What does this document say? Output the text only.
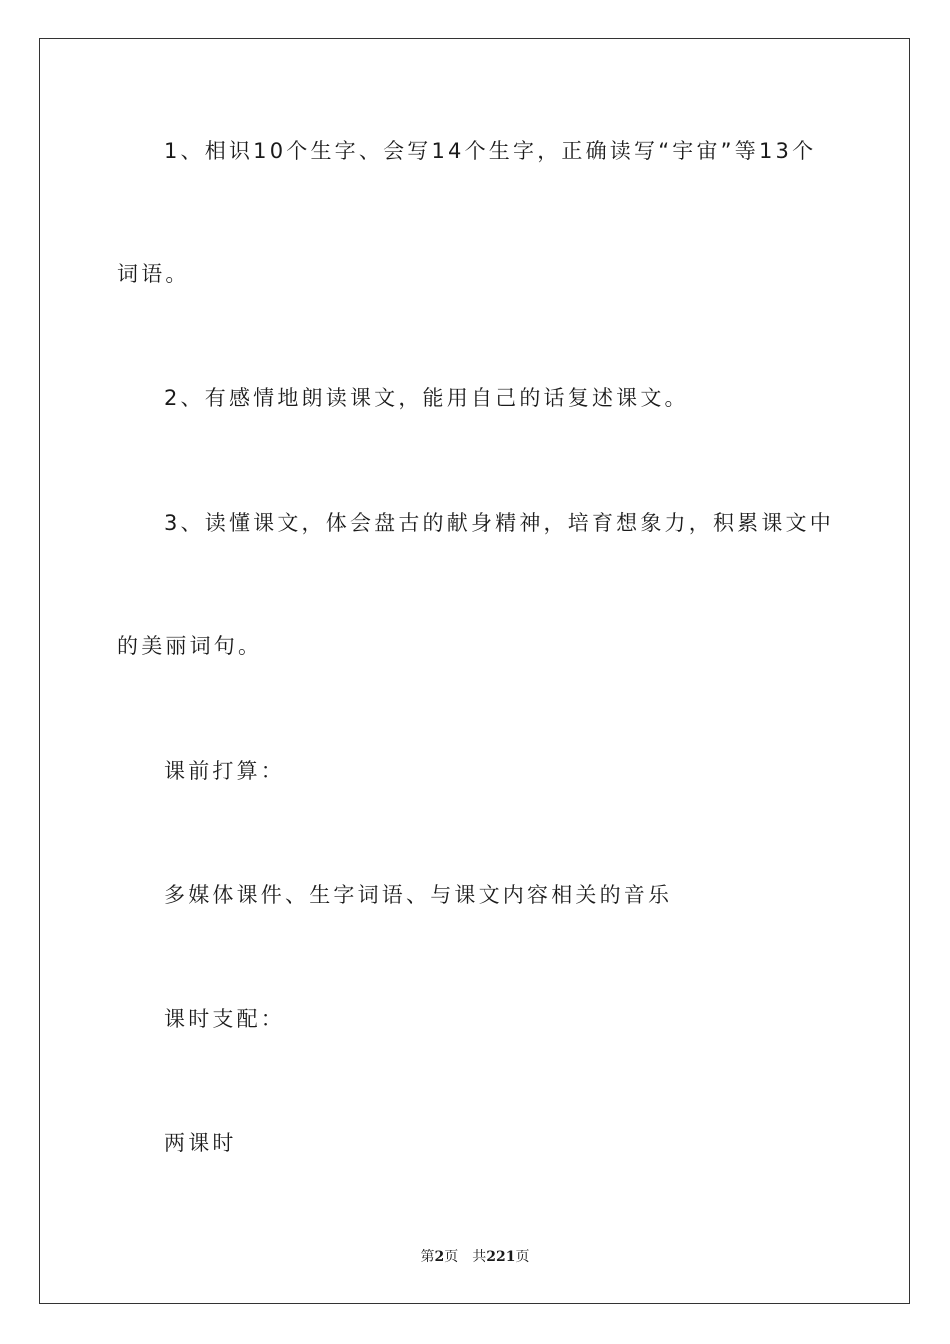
1、相识10个生字、会写14个生字，正确读写“宇宙”等13个
词语。
2、有感情地朗读课文，能用自己的话复述课文。
3、读懂课文，体会盘古的献身精神，培育想象力，积累课文中
的美丽词句。
课前打算：
多媒体课件、生字词语、与课文内容相关的音乐
课时支配：
两课时
第2页 共221页
